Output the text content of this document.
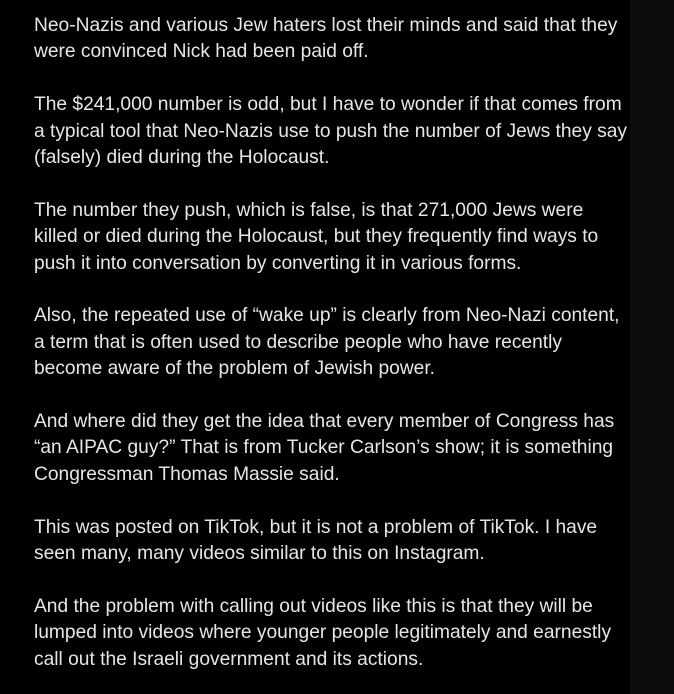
Neo-Nazis and various Jew haters lost their minds and said that they were convinced Nick had been paid off.

The $241,000 number is odd, but I have to wonder if that comes from a typical tool that Neo-Nazis use to push the number of Jews they say (falsely) died during the Holocaust.

The number they push, which is false, is that 271,000 Jews were killed or died during the Holocaust, but they frequently find ways to push it into conversation by converting it in various forms.

Also, the repeated use of “wake up” is clearly from Neo-Nazi content, a term that is often used to describe people who have recently become aware of the problem of Jewish power.

And where did they get the idea that every member of Congress has “an AIPAC guy?” That is from Tucker Carlson’s show; it is something Congressman Thomas Massie said.

This was posted on TikTok, but it is not a problem of TikTok. I have seen many, many videos similar to this on Instagram.

And the problem with calling out videos like this is that they will be lumped into videos where younger people legitimately and earnestly call out the Israeli government and its actions.
